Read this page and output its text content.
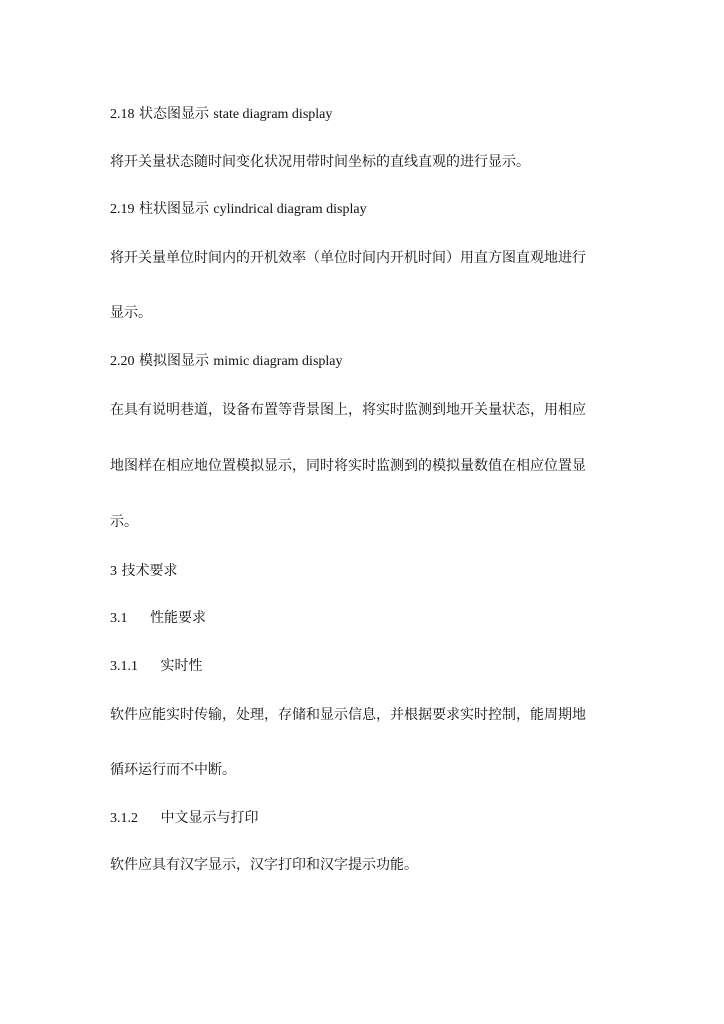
2.18 状态图显示 state diagram display
将开关量状态随时间变化状况用带时间坐标的直线直观的进行显示。
2.19 柱状图显示 cylindrical diagram display
将开关量单位时间内的开机效率（单位时间内开机时间）用直方图直观地进行
显示。
2.20 模拟图显示 mimic diagram display
在具有说明巷道，设备布置等背景图上，将实时监测到地开关量状态，用相应
地图样在相应地位置模拟显示，同时将实时监测到的模拟量数值在相应位置显
示。
3 技术要求
3.1 性能要求
3.1.1 实时性
软件应能实时传输，处理，存储和显示信息，并根据要求实时控制，能周期地
循环运行而不中断。
3.1.2 中文显示与打印
软件应具有汉字显示，汉字打印和汉字提示功能。
